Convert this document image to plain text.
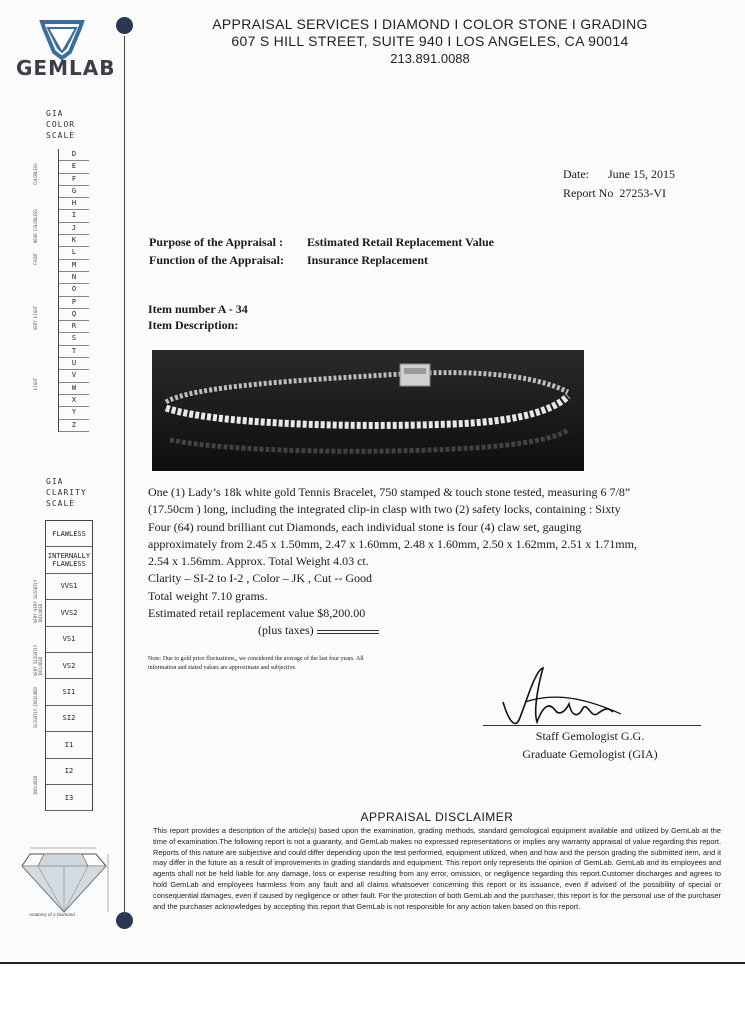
GEMLAB
APPRAISAL SERVICES I DIAMOND I COLOR STONE I GRADING
607 S HILL STREET, SUITE 940 I LOS ANGELES, CA 90014
213.891.0088
GIA
COLOR
SCALE
COLORLESS
NEAR COLORLESS
FAINT
VERY LIGHT
LIGHT
D
E
F
G
H
I
J
K
L
M
N
O
P
Q
R
S
T
U
V
W
X
Y
Z
GIA
CLARITY
SCALE
VERY VERY SLIGHTLY INCLUDED
VERY SLIGHTLY INCLUDED
SLIGHTLY INCLUDED
INCLUDED
FLAWLESS
INTERNALLY FLAWLESS
VVS1
VVS2
VS1
VS2
SI1
SI2
I1
I2
I3
Date: June 15, 2015
Report No 27253-VI
Purpose of the Appraisal : Estimated Retail Replacement Value
Function of the Appraisal: Insurance Replacement
Item number A - 34
Item Description:
One (1) Lady’s 18k white gold Tennis Bracelet, 750 stamped & touch stone tested, measuring 6 7/8” (17.50cm ) long, including the integrated clip-in clasp with two (2) safety locks, containing : Sixty Four (64) round brilliant cut Diamonds, each individual stone is four (4) claw set, gauging approximately from 2.45 x 1.50mm, 2.47 x 1.60mm, 2.48 x 1.60mm, 2.50 x 1.62mm, 2.51 x 1.71mm, 2.54 x 1.56mm. Approx. Total Weight 4.03 ct.
Clarity – SI-2 to I-2 , Color – JK , Cut -- Good
Total weight 7.10 grams.
Estimated retail replacement value $8,200.00
(plus taxes)
Note: Due to gold price fluctuations,, we considered the average of the last four years. All information and stated values are approximate and subjective.
Staff Gemologist G.G.
Graduate Gemologist (GIA)
APPRAISAL DISCLAIMER
This report provides a description of the article(s) based upon the examination, grading methods, standard gemological equipment available and utilized by GemLab at the time of examination.The following report is not a guaranty, and GemLab makes no expressed representations or implies any warranty appraisal of value regarding this report. Reports of this nature are subjective and could differ depending upon the test performed, equipment utilized, when and how and the person grading the submitted item, and it may differ in the future as a result of improvements in grading standards and equipment. This report only represents the opinion of GemLab. GemLab and its employees and agents shall not be held liable for any damage, loss or expense resulting from any error, omission, or negligence regarding this report.Customer discharges and agrees to hold GemLab and employees harmless from any fault and all claims whatsoever concerning this report or its issuance, even if advised of the possibility of special or consequential damages, even if caused by negligence or other fault. For the protection of both GemLab and the purchaser, this report is for the personal use of the purchaser and the purchaser acknowledges by accepting this report that GemLab is not responsible for any action taken based on this report.
Anatomy of a Diamond
